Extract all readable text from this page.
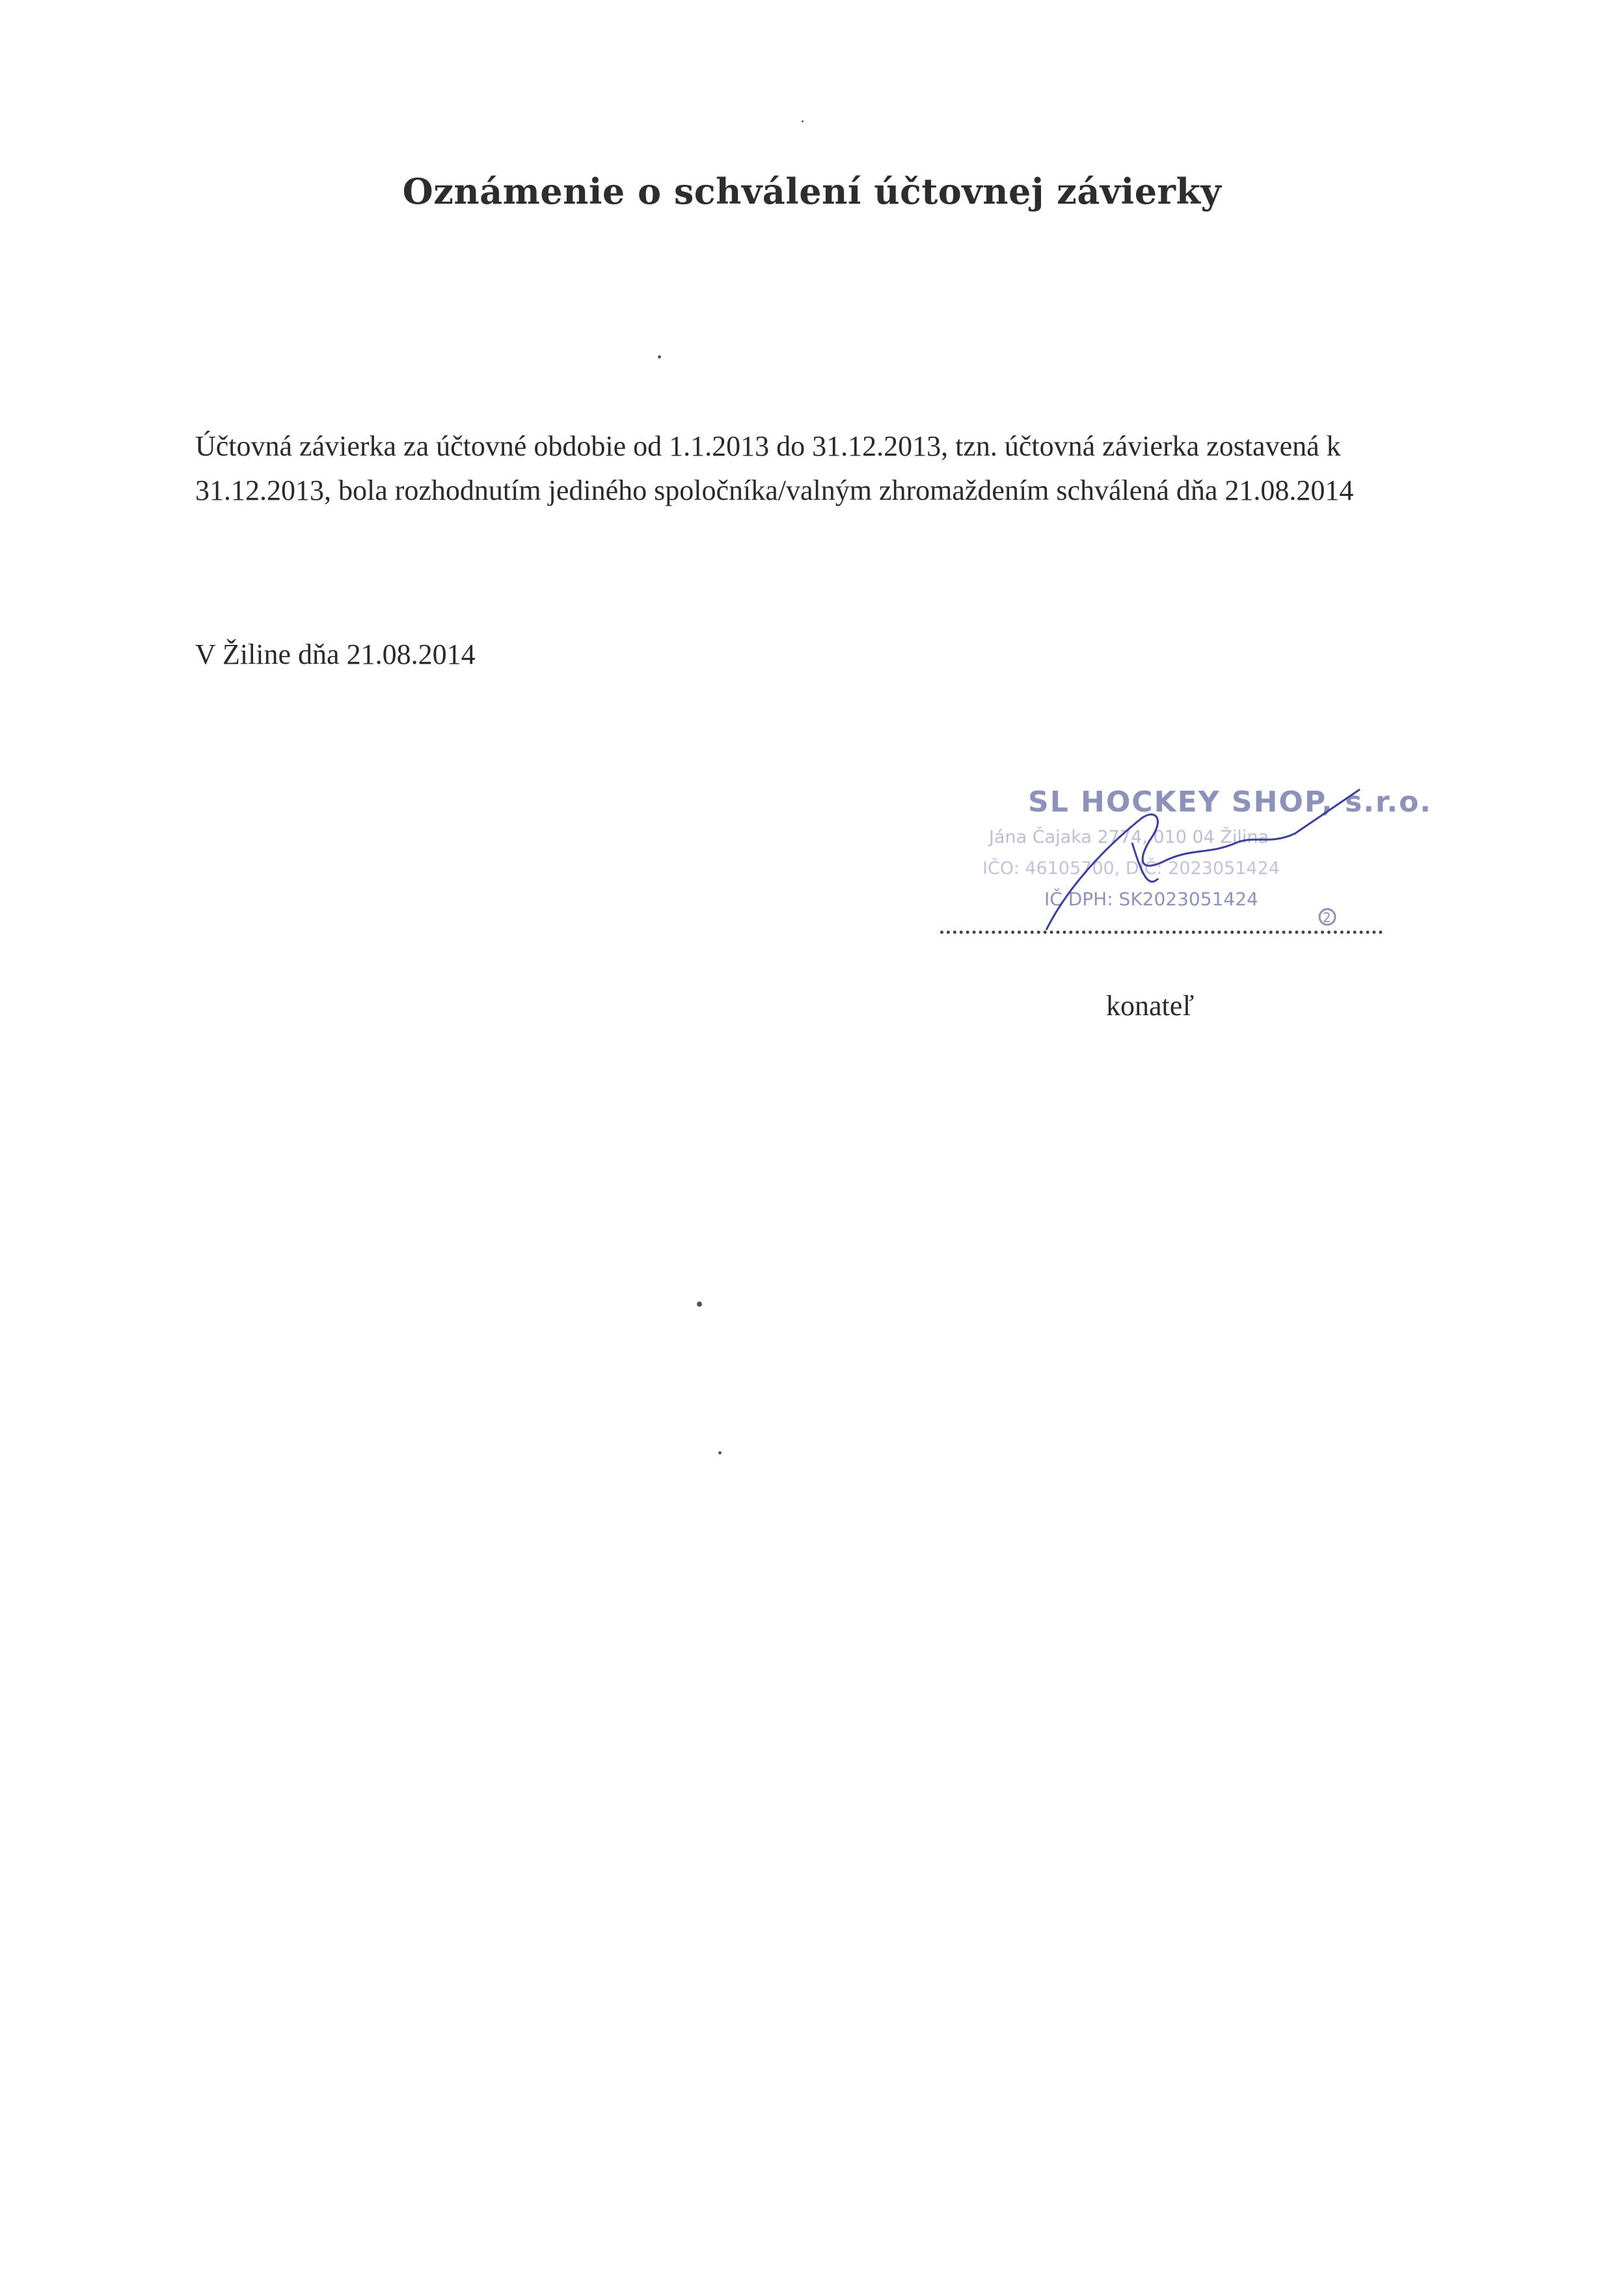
Oznámenie o schválení účtovnej závierky
Účtovná závierka za účtovné obdobie od 1.1.2013 do 31.12.2013, tzn. účtovná závierka zostavená k 31.12.2013, bola rozhodnutím jediného spoločníka/valným zhromaždením schválená dňa 21.08.2014
V Žiline dňa 21.08.2014
SL HOCKEY SHOP, s.r.o.
Jána Čajaka 2774, 010 04 Žilina
IČO: 46105700, DIČ: 2023051424
IČ DPH: SK2023051424
2
konateľ
